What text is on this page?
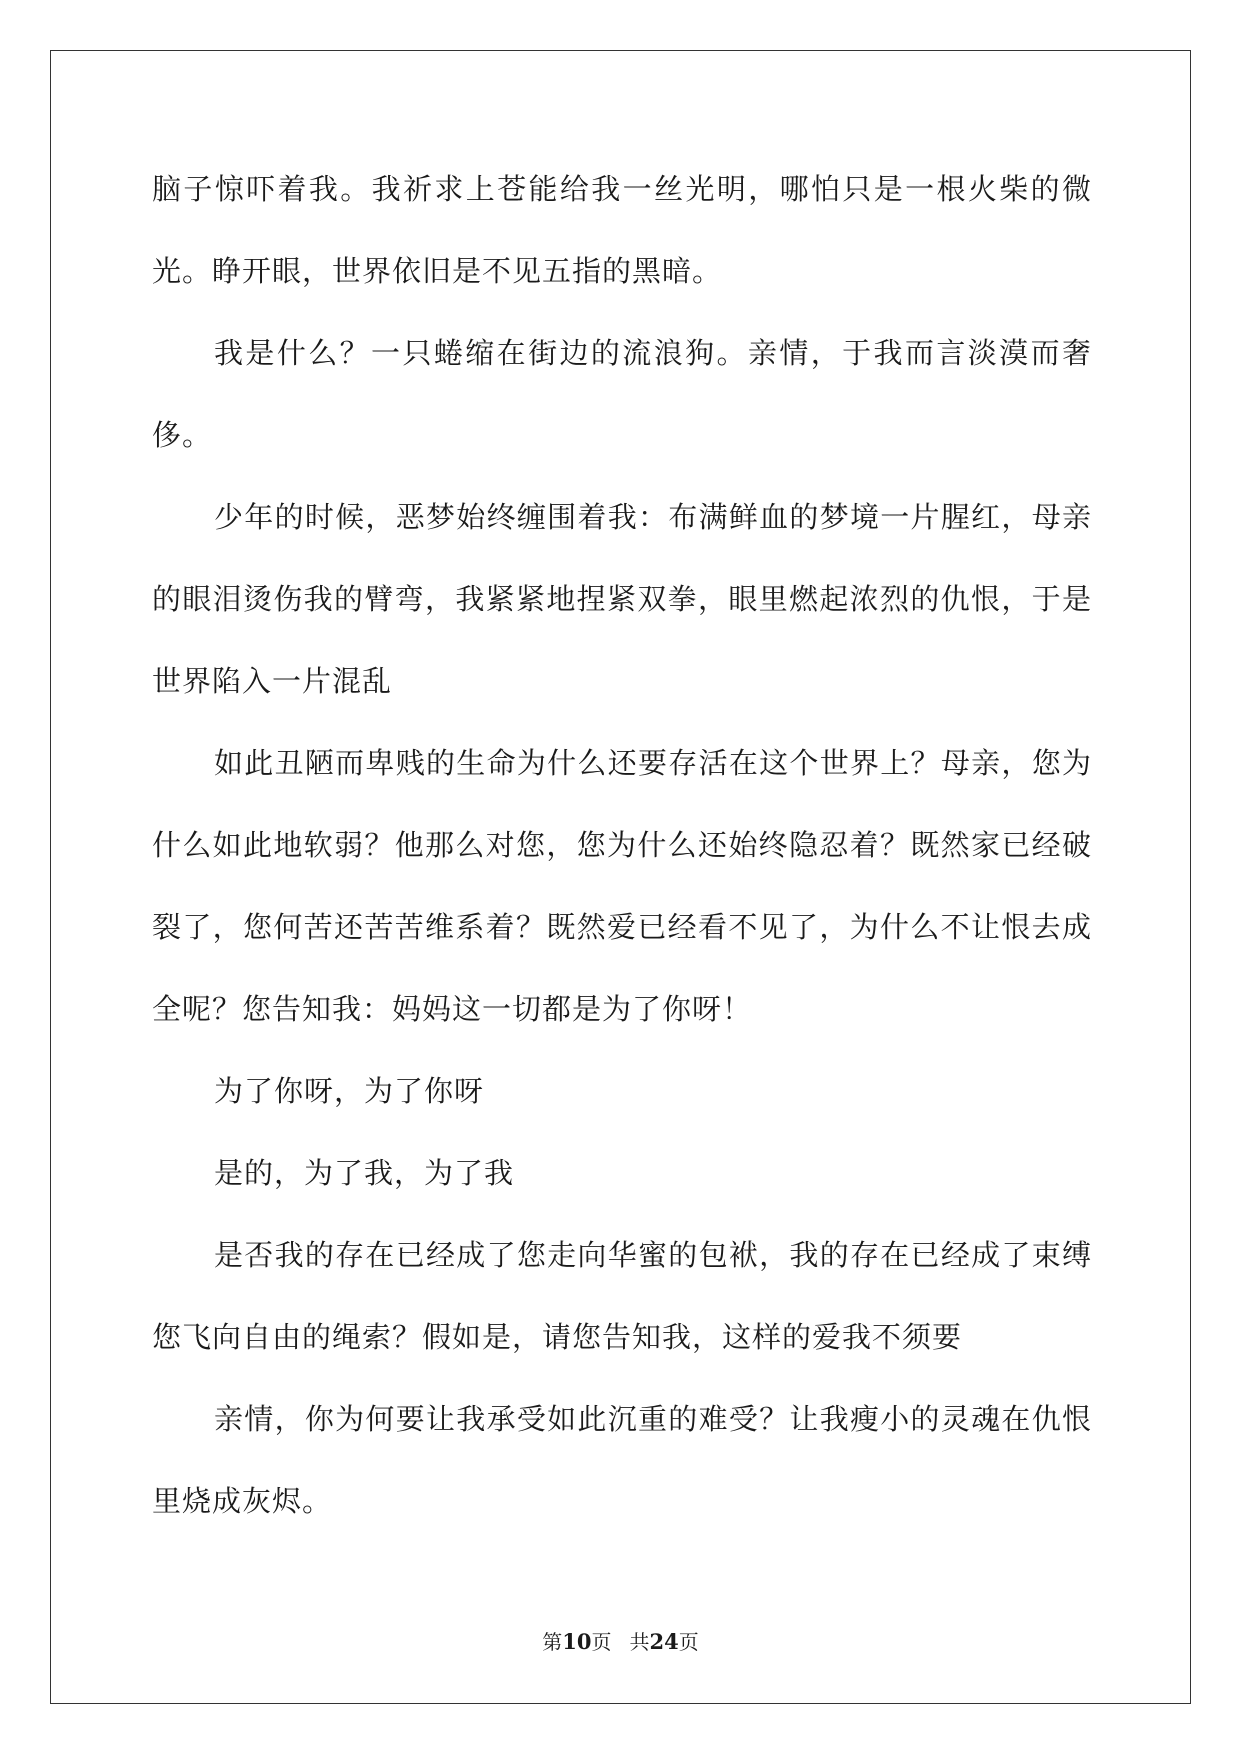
脑子惊吓着我。我祈求上苍能给我一丝光明，哪怕只是一根火柴的微光。睁开眼，世界依旧是不见五指的黑暗。

我是什么？一只蜷缩在街边的流浪狗。亲情，于我而言淡漠而奢侈。

少年的时候，恶梦始终缠围着我：布满鲜血的梦境一片腥红，母亲的眼泪烫伤我的臂弯，我紧紧地捏紧双拳，眼里燃起浓烈的仇恨，于是世界陷入一片混乱

如此丑陋而卑贱的生命为什么还要存活在这个世界上？母亲，您为什么如此地软弱？他那么对您，您为什么还始终隐忍着？既然家已经破裂了，您何苦还苦苦维系着？既然爱已经看不见了，为什么不让恨去成全呢？您告知我：妈妈这一切都是为了你呀！

为了你呀，为了你呀

是的，为了我，为了我

是否我的存在已经成了您走向华蜜的包袱，我的存在已经成了束缚您飞向自由的绳索？假如是，请您告知我，这样的爱我不须要

亲情，你为何要让我承受如此沉重的难受？让我瘦小的灵魂在仇恨里烧成灰烬。

第10页 共24页
